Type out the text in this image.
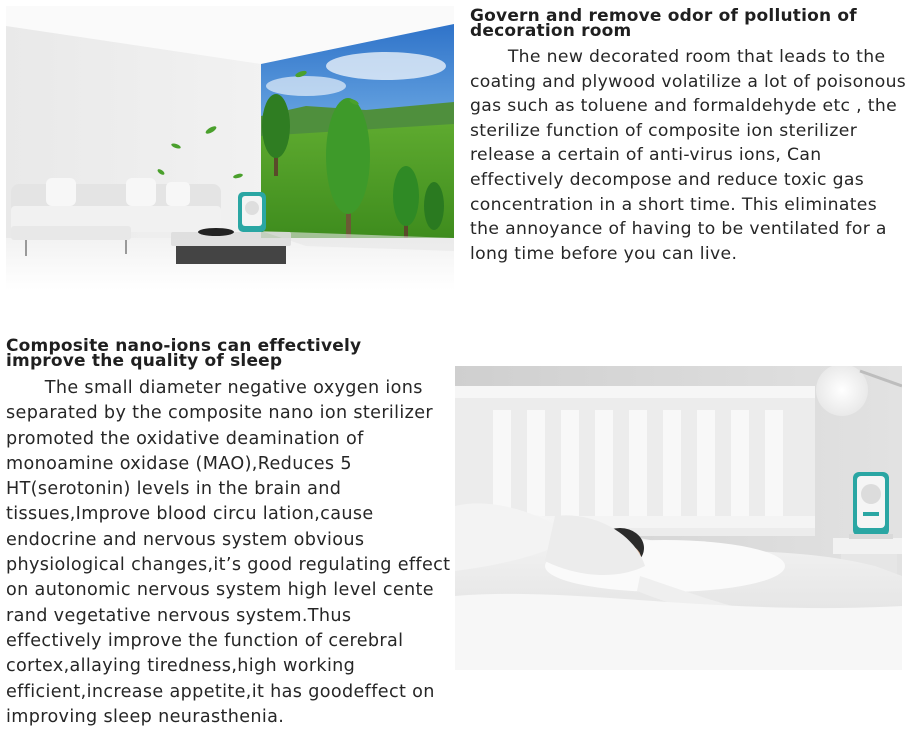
Govern and remove odor of pollution of decoration room

The new decorated room that leads to the coating and plywood volatilize a lot of poisonous gas such as toluene and formaldehyde etc , the sterilize function of composite ion sterilizer release a certain of anti-virus ions, Can effectively decompose and reduce toxic gas concentration in a short time. This eliminates the annoyance of having to be ventilated for a long time before you can live.

Composite nano-ions can effectively improve the quality of sleep

The small diameter negative oxygen ions separated by the composite nano ion sterilizer promoted the oxidative deamination of monoamine oxidase (MAO),Reduces 5 HT(serotonin) levels in the brain and tissues,Improve blood circu lation,cause endocrine and nervous system obvious physiological changes,it’s good regulating effect on autonomic nervous system high level cente rand vegetative nervous system.Thus effectively improve the function of cerebral cortex,allaying tiredness,high working efficient,increase appetite,it has goodeffect on improving sleep neurasthenia.
